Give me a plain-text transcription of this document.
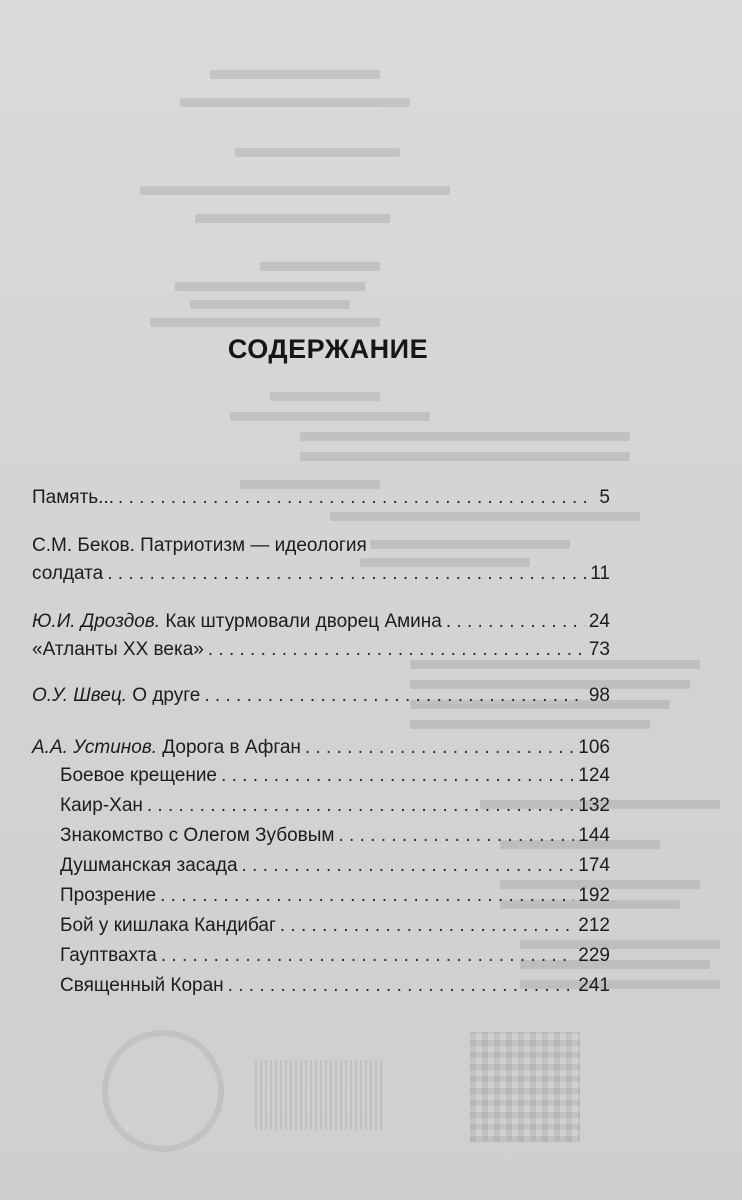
СОДЕРЖАНИЕ
Память... . . .	5
С.М. Беков. Патриотизм — идеология
солдата . . .	11
Ю.И. Дроздов. Как штурмовали дворец Амина . . .	24
«Атланты XX века» . . .	73
О.У. Швец. О друге . . .	98
А.А. Устинов. Дорога в Афган . . .	106
Боевое крещение . . .	124
Каир-Хан . . .	132
Знакомство с Олегом Зубовым . . .	144
Душманская засада . . .	174
Прозрение . . .	192
Бой у кишлака Кандибаг . . .	212
Гауптвахта . . .	229
Священный Коран . . .	241
